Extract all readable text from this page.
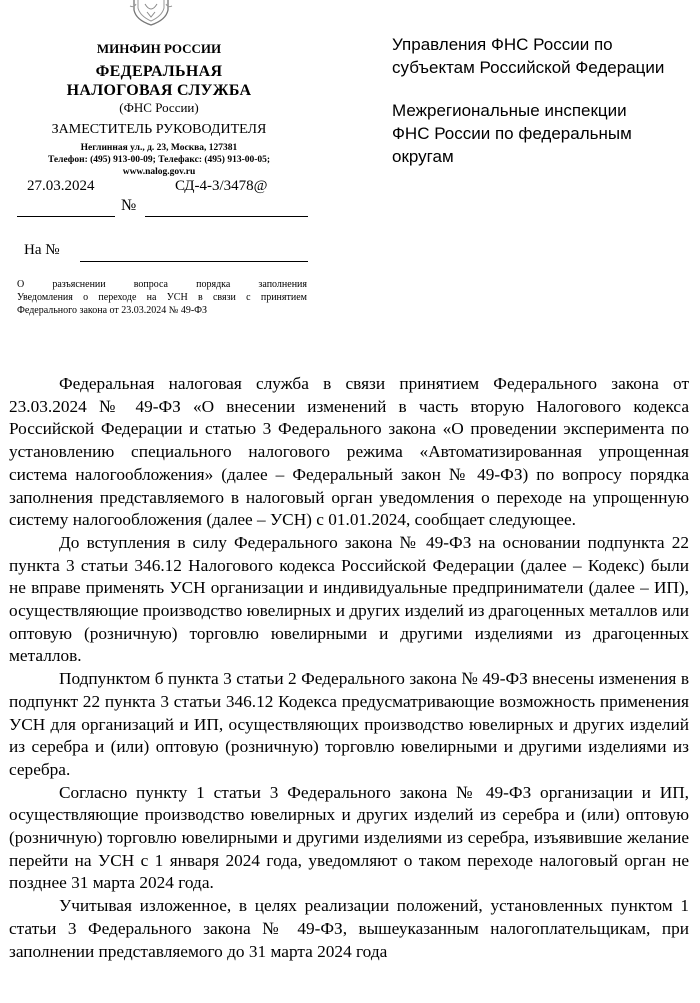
МИНФИН РОССИИ
ФЕДЕРАЛЬНАЯ
НАЛОГОВАЯ СЛУЖБА
(ФНС России)
ЗАМЕСТИТЕЛЬ РУКОВОДИТЕЛЯ
Неглинная ул., д. 23, Москва, 127381
Телефон: (495) 913-00-09; Телефакс: (495) 913-00-05;
www.nalog.gov.ru
27.03.2024	СД-4-3/3478@
№
На №
О разъяснении вопроса порядка заполнения
Уведомления о переходе на УСН в связи с принятием
Федерального закона от 23.03.2024 № 49-ФЗ
Управления ФНС России по
субъектам Российской Федерации
Межрегиональные инспекции
ФНС России по федеральным
округам

Федеральная налоговая служба в связи принятием Федерального закона от 23.03.2024 № 49-ФЗ «О внесении изменений в часть вторую Налогового кодекса Российской Федерации и статью 3 Федерального закона «О проведении эксперимента по установлению специального налогового режима «Автоматизированная упрощенная система налогообложения» (далее – Федеральный закон № 49-ФЗ) по вопросу порядка заполнения представляемого в налоговый орган уведомления о переходе на упрощенную систему налогообложения (далее – УСН) с 01.01.2024, сообщает следующее.

До вступления в силу Федерального закона № 49-ФЗ на основании подпункта 22 пункта 3 статьи 346.12 Налогового кодекса Российской Федерации (далее – Кодекс) были не вправе применять УСН организации и индивидуальные предприниматели (далее – ИП), осуществляющие производство ювелирных и других изделий из драгоценных металлов или оптовую (розничную) торговлю ювелирными и другими изделиями из драгоценных металлов.

Подпунктом б пункта 3 статьи 2 Федерального закона № 49-ФЗ внесены изменения в подпункт 22 пункта 3 статьи 346.12 Кодекса предусматривающие возможность применения УСН для организаций и ИП, осуществляющих производство ювелирных и других изделий из серебра и (или) оптовую (розничную) торговлю ювелирными и другими изделиями из серебра.

Согласно пункту 1 статьи 3 Федерального закона № 49-ФЗ организации и ИП, осуществляющие производство ювелирных и других изделий из серебра и (или) оптовую (розничную) торговлю ювелирными и другими изделиями из серебра, изъявившие желание перейти на УСН с 1 января 2024 года, уведомляют о таком переходе налоговый орган не позднее 31 марта 2024 года.

Учитывая изложенное, в целях реализации положений, установленных пунктом 1 статьи 3 Федерального закона № 49-ФЗ, вышеуказанным налогоплательщикам, при заполнении представляемого до 31 марта 2024 года
